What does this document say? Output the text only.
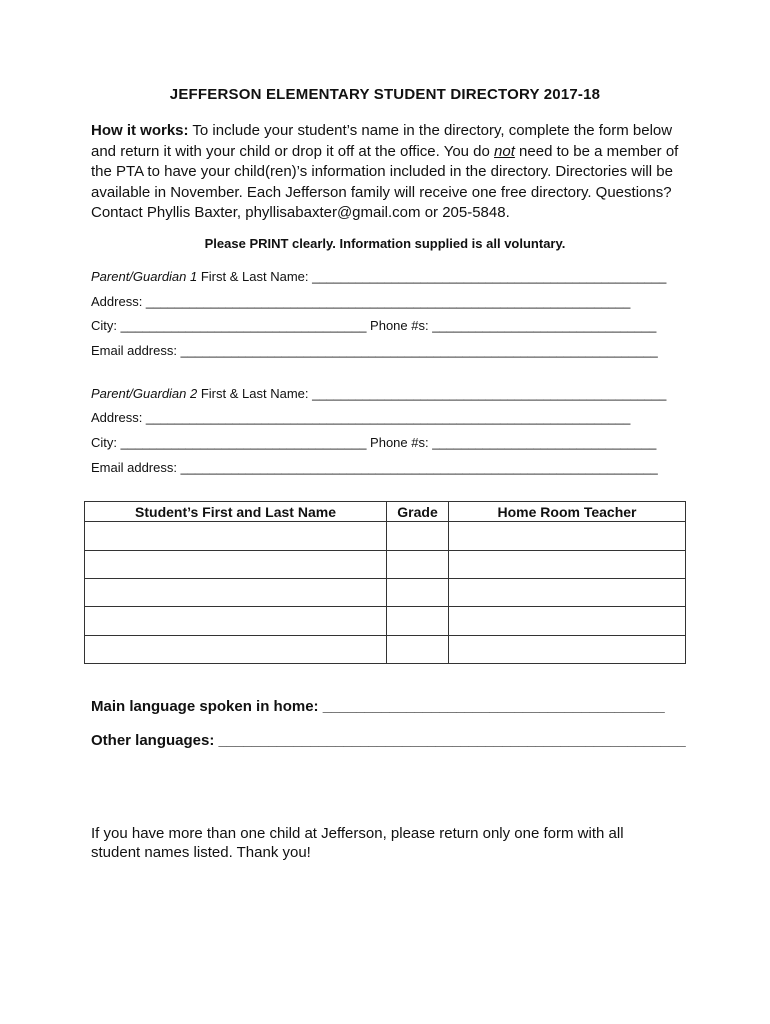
JEFFERSON ELEMENTARY STUDENT DIRECTORY 2017-18
How it works: To include your student’s name in the directory, complete the form below and return it with your child or drop it off at the office. You do not need to be a member of the PTA to have your child(ren)’s information included in the directory. Directories will be available in November. Each Jefferson family will receive one free directory. Questions? Contact Phyllis Baxter, phyllisabaxter@gmail.com or 205-5848.
Please PRINT clearly. Information supplied is all voluntary.
Parent/Guardian 1 First & Last Name: _________________________________________________
Address: ___________________________________________________________________
City: __________________________________ Phone #s: _______________________________
Email address: __________________________________________________________________
Parent/Guardian 2 First & Last Name: _________________________________________________
Address: ___________________________________________________________________
City: __________________________________ Phone #s: _______________________________
Email address: __________________________________________________________________
Student’s First and Last Name	Grade	Home Room Teacher

Main language spoken in home: _________________________________________
Other languages: ________________________________________________________
If you have more than one child at Jefferson, please return only one form with all student names listed. Thank you!
